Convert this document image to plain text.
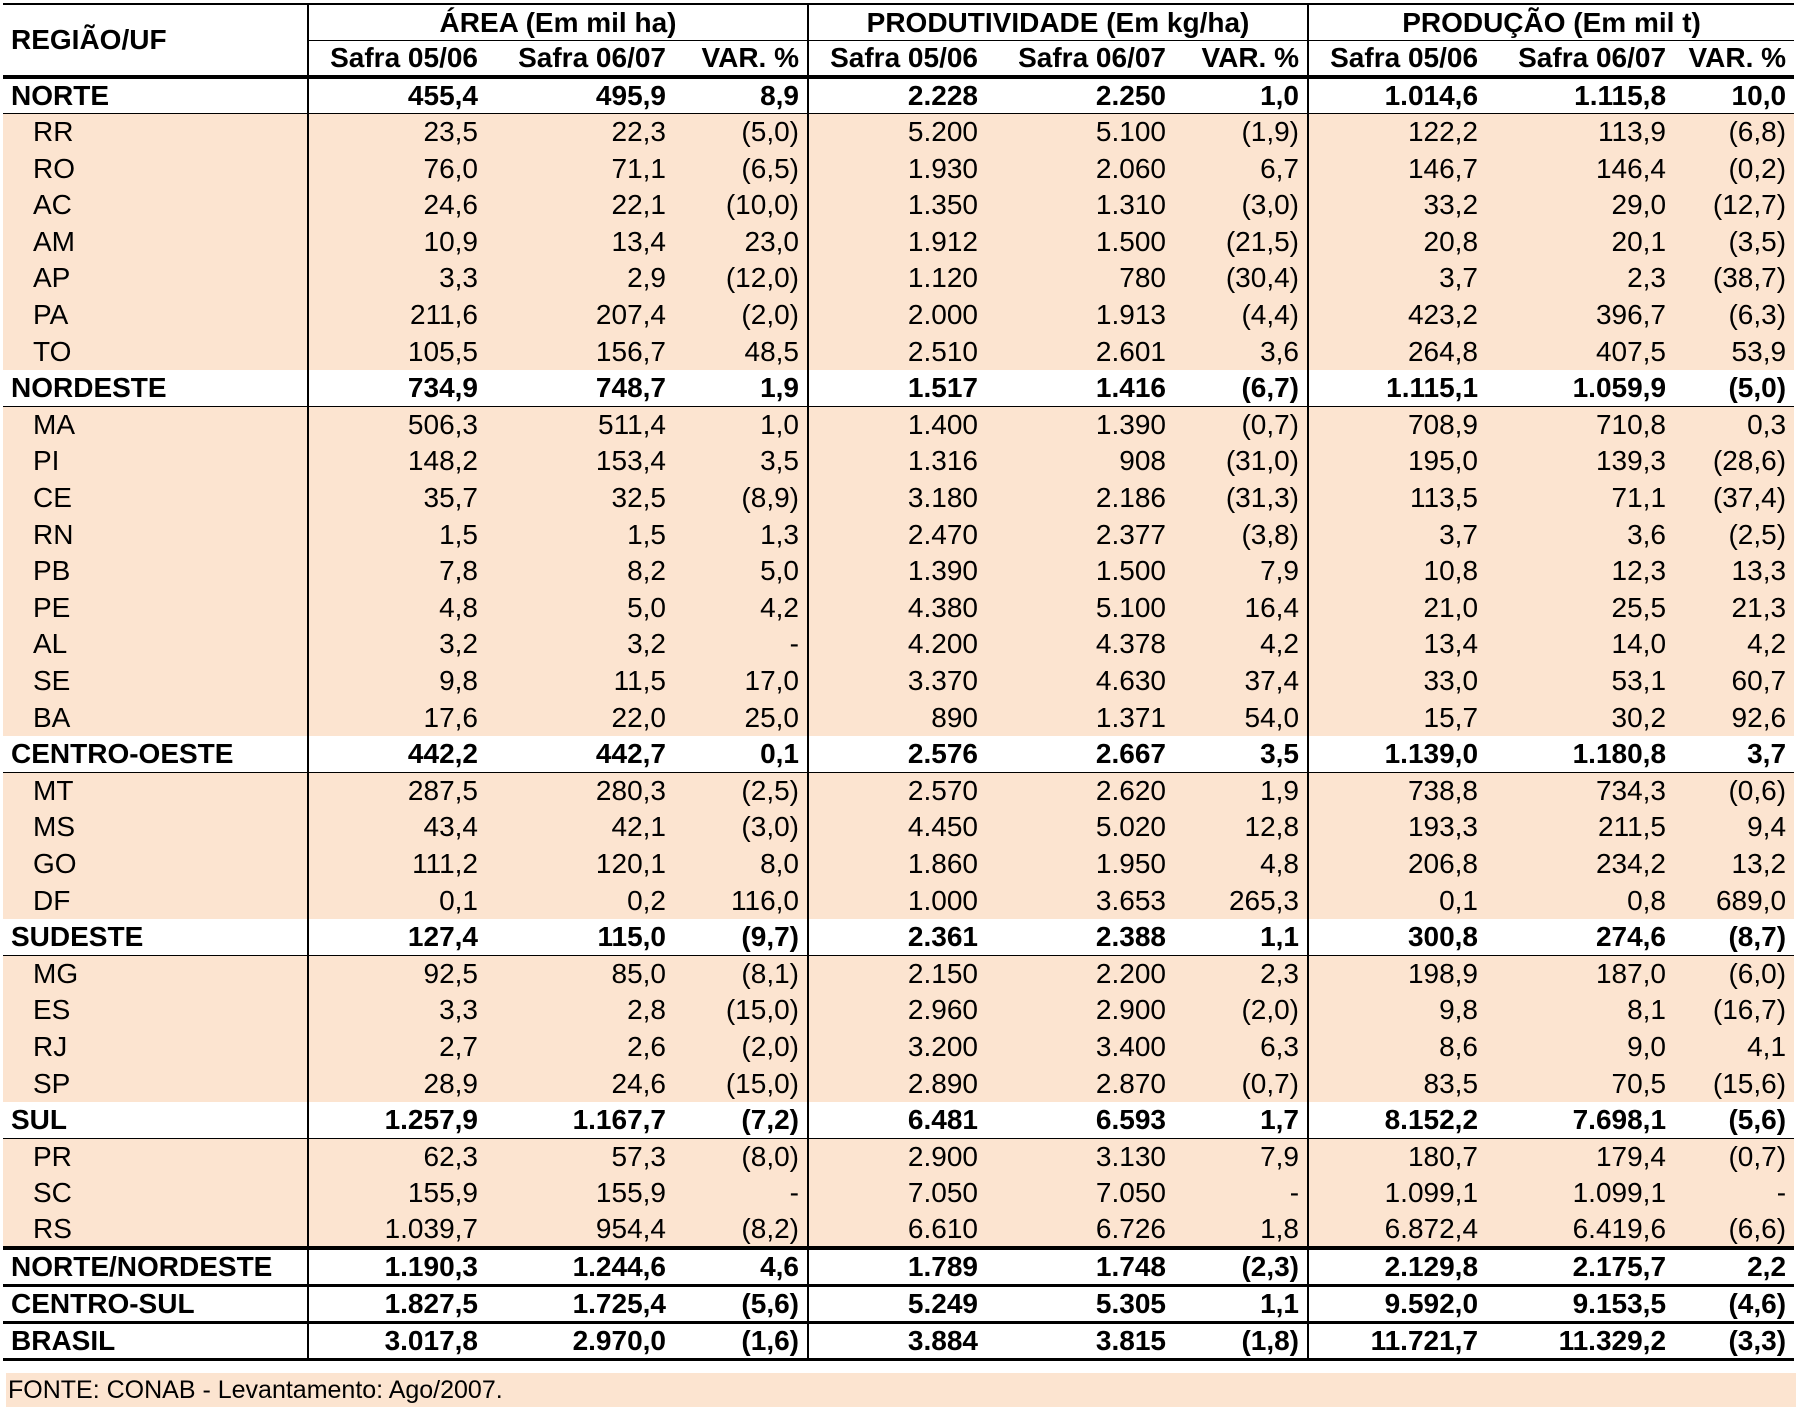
REGIÃO/UF	ÁREA (Em mil ha)			PRODUTIVIDADE (Em kg/ha)			PRODUÇÃO (Em mil t)		
	Safra 05/06	Safra 06/07	VAR. %	Safra 05/06	Safra 06/07	VAR. %	Safra 05/06	Safra 06/07	VAR. %
NORTE	455,4	495,9	8,9	2.228	2.250	1,0	1.014,6	1.115,8	10,0
RR	23,5	22,3	(5,0)	5.200	5.100	(1,9)	122,2	113,9	(6,8)
RO	76,0	71,1	(6,5)	1.930	2.060	6,7	146,7	146,4	(0,2)
AC	24,6	22,1	(10,0)	1.350	1.310	(3,0)	33,2	29,0	(12,7)
AM	10,9	13,4	23,0	1.912	1.500	(21,5)	20,8	20,1	(3,5)
AP	3,3	2,9	(12,0)	1.120	780	(30,4)	3,7	2,3	(38,7)
PA	211,6	207,4	(2,0)	2.000	1.913	(4,4)	423,2	396,7	(6,3)
TO	105,5	156,7	48,5	2.510	2.601	3,6	264,8	407,5	53,9
NORDESTE	734,9	748,7	1,9	1.517	1.416	(6,7)	1.115,1	1.059,9	(5,0)
MA	506,3	511,4	1,0	1.400	1.390	(0,7)	708,9	710,8	0,3
PI	148,2	153,4	3,5	1.316	908	(31,0)	195,0	139,3	(28,6)
CE	35,7	32,5	(8,9)	3.180	2.186	(31,3)	113,5	71,1	(37,4)
RN	1,5	1,5	1,3	2.470	2.377	(3,8)	3,7	3,6	(2,5)
PB	7,8	8,2	5,0	1.390	1.500	7,9	10,8	12,3	13,3
PE	4,8	5,0	4,2	4.380	5.100	16,4	21,0	25,5	21,3
AL	3,2	3,2	-	4.200	4.378	4,2	13,4	14,0	4,2
SE	9,8	11,5	17,0	3.370	4.630	37,4	33,0	53,1	60,7
BA	17,6	22,0	25,0	890	1.371	54,0	15,7	30,2	92,6
CENTRO-OESTE	442,2	442,7	0,1	2.576	2.667	3,5	1.139,0	1.180,8	3,7
MT	287,5	280,3	(2,5)	2.570	2.620	1,9	738,8	734,3	(0,6)
MS	43,4	42,1	(3,0)	4.450	5.020	12,8	193,3	211,5	9,4
GO	111,2	120,1	8,0	1.860	1.950	4,8	206,8	234,2	13,2
DF	0,1	0,2	116,0	1.000	3.653	265,3	0,1	0,8	689,0
SUDESTE	127,4	115,0	(9,7)	2.361	2.388	1,1	300,8	274,6	(8,7)
MG	92,5	85,0	(8,1)	2.150	2.200	2,3	198,9	187,0	(6,0)
ES	3,3	2,8	(15,0)	2.960	2.900	(2,0)	9,8	8,1	(16,7)
RJ	2,7	2,6	(2,0)	3.200	3.400	6,3	8,6	9,0	4,1
SP	28,9	24,6	(15,0)	2.890	2.870	(0,7)	83,5	70,5	(15,6)
SUL	1.257,9	1.167,7	(7,2)	6.481	6.593	1,7	8.152,2	7.698,1	(5,6)
PR	62,3	57,3	(8,0)	2.900	3.130	7,9	180,7	179,4	(0,7)
SC	155,9	155,9	-	7.050	7.050	-	1.099,1	1.099,1	-
RS	1.039,7	954,4	(8,2)	6.610	6.726	1,8	6.872,4	6.419,6	(6,6)
NORTE/NORDESTE	1.190,3	1.244,6	4,6	1.789	1.748	(2,3)	2.129,8	2.175,7	2,2
CENTRO-SUL	1.827,5	1.725,4	(5,6)	5.249	5.305	1,1	9.592,0	9.153,5	(4,6)
BRASIL	3.017,8	2.970,0	(1,6)	3.884	3.815	(1,8)	11.721,7	11.329,2	(3,3)
FONTE: CONAB - Levantamento: Ago/2007.
